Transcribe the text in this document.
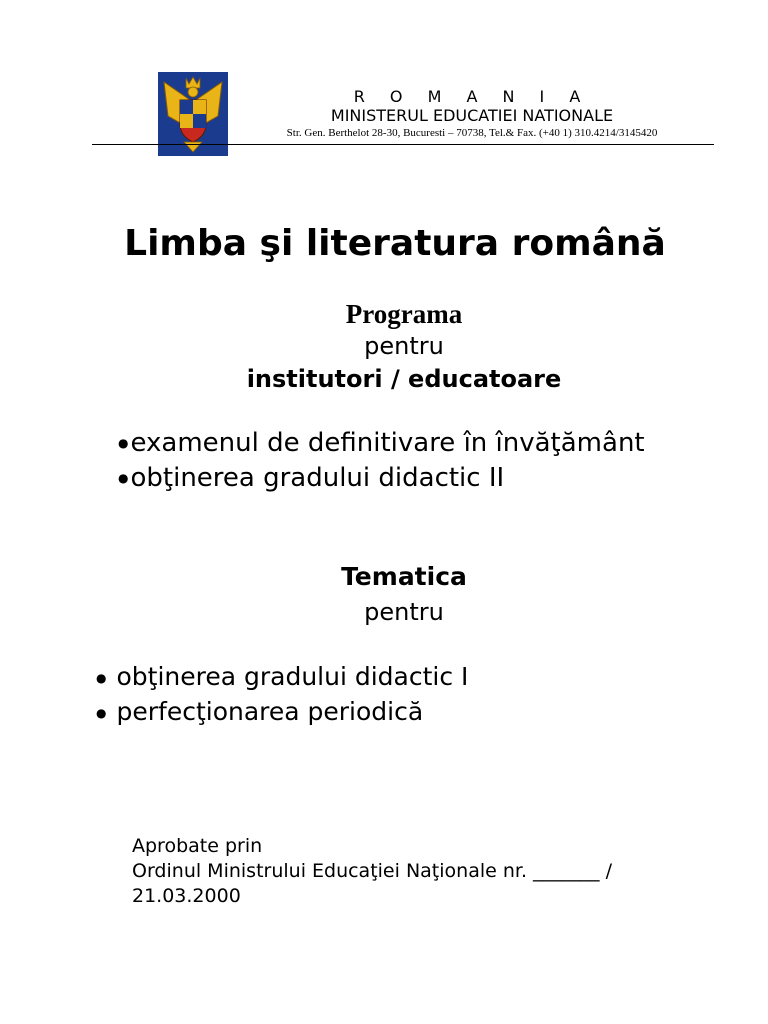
R O M A N I A
MINISTERUL EDUCATIEI NATIONALE
Str. Gen. Berthelot 28-30, Bucuresti – 70738, Tel.& Fax. (+40 1) 310.4214/3145420
Limba şi literatura română
Programa
pentru
institutori / educatoare
●examenul de definitivare în învăţământ
●obţinerea gradului didactic II
Tematica
pentru
● obţinerea gradului didactic I
● perfecţionarea periodică
Aprobate prin
Ordinul Ministrului Educaţiei Naţionale nr. _______ /
21.03.2000
